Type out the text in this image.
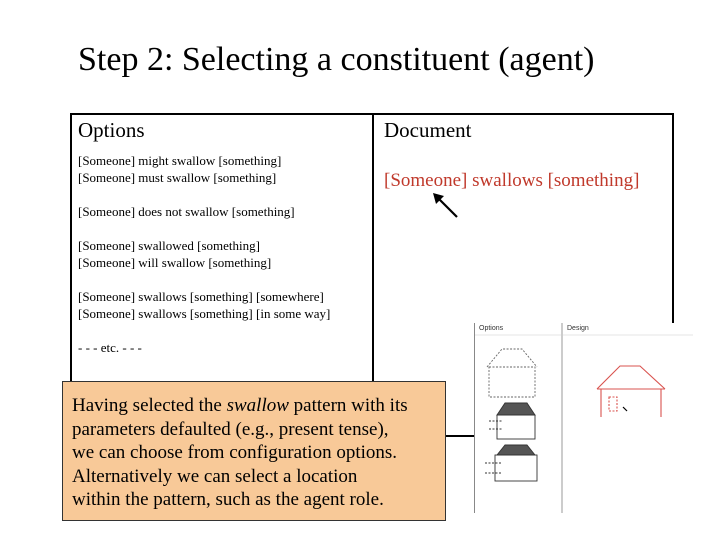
Step 2: Selecting a constituent (agent)
Options	Document
[Someone] might swallow [something]
[Someone] must swallow [something]
[Someone] does not swallow [something]
[Someone] swallowed [something]
[Someone] will swallow [something]
[Someone] swallows [something] [somewhere]
[Someone] swallows [something] [in some way]
- - - etc. - - -
[Someone] swallows [something]
Options	Design
Having selected the swallow pattern with its
parameters defaulted (e.g., present tense),
we can choose from configuration options.
Alternatively we can select a location
within the pattern, such as the agent role.
